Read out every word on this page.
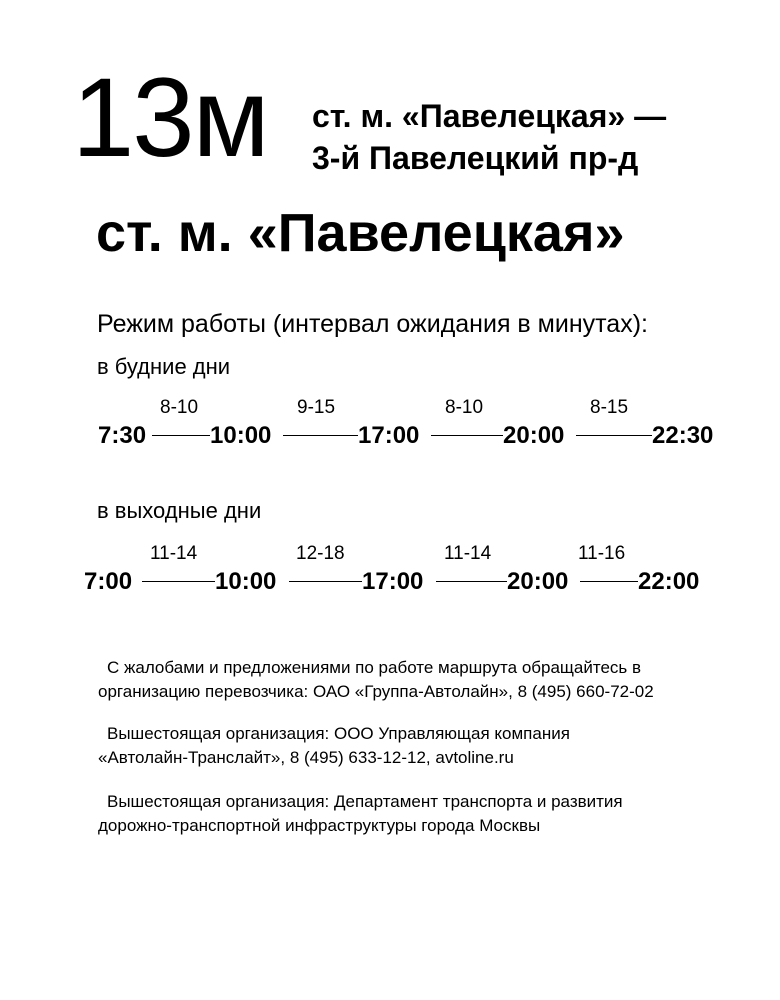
13м ст. м. «Павелецкая» —
3-й Павелецкий пр-д
ст. м. «Павелецкая»
Режим работы (интервал ожидания в минутах):
в будние дни
7:30
8-10
10:00
9-15
17:00
8-10
20:00
8-15
22:30
в выходные дни
7:00
11-14
10:00
12-18
17:00
11-14
20:00
11-16
22:00
С жалобами и предложениями по работе маршрута обращайтесь в
организацию перевозчика: ОАО «Группа-Автолайн», 8 (495) 660-72-02
Вышестоящая организация: ООО Управляющая компания
«Автолайн-Транслайт», 8 (495) 633-12-12, avtoline.ru
Вышестоящая организация: Департамент транспорта и развития
дорожно-транспортной инфраструктуры города Москвы
